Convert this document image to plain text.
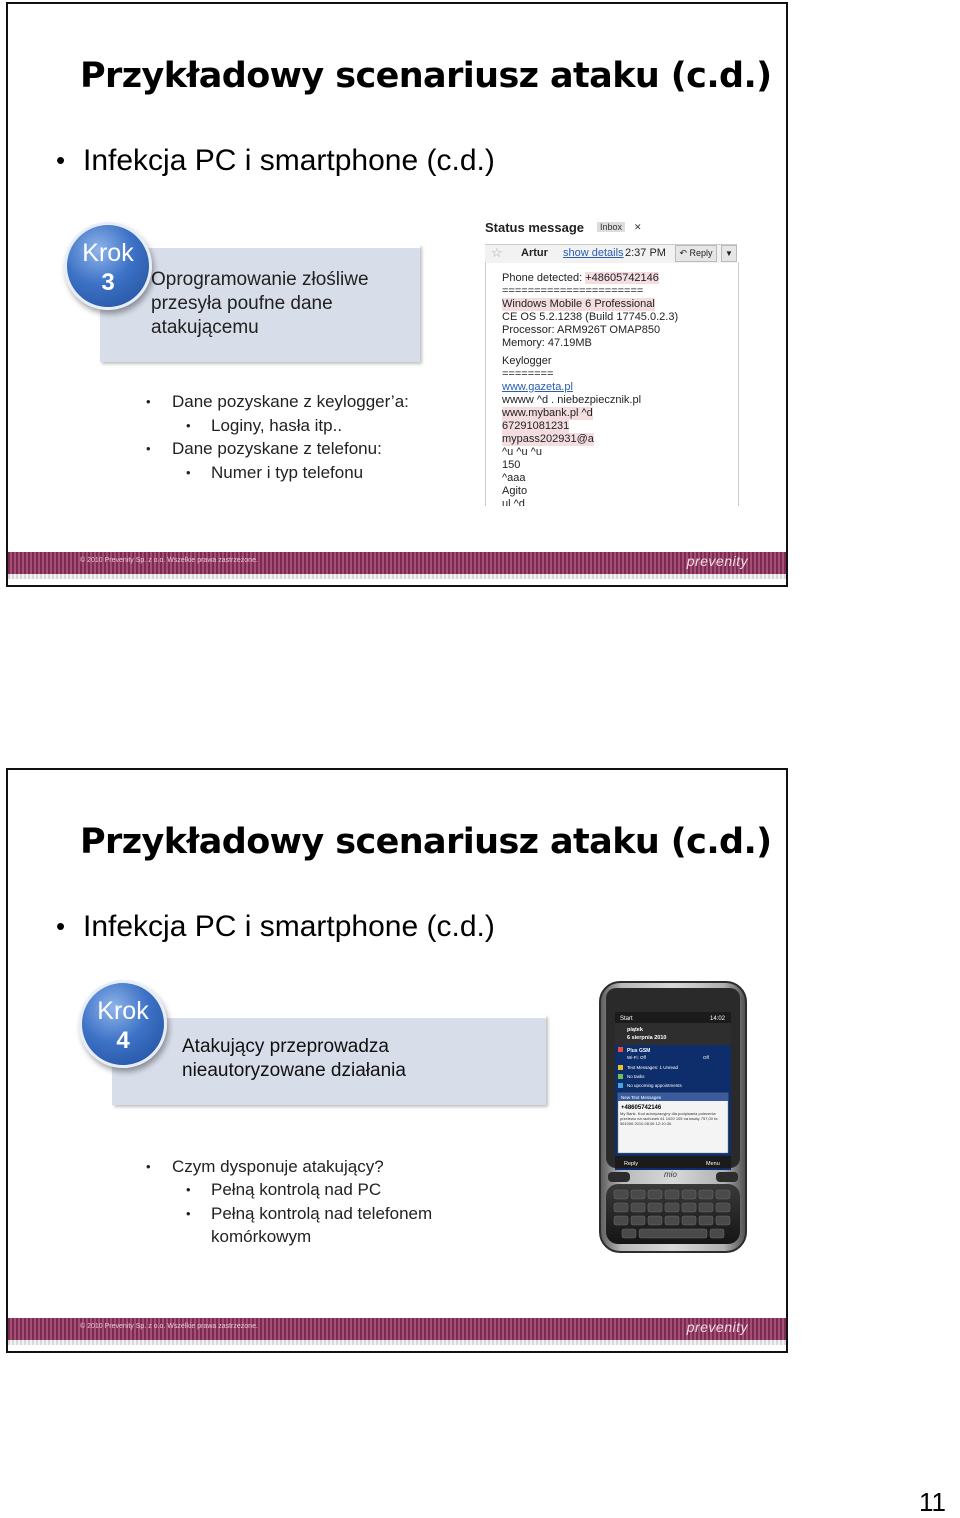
Przykładowy scenariusz ataku (c.d.)
• Infekcja PC i smartphone (c.d.)
Oprogramowanie złośliwe
przesyła poufne dane
atakującemu
Krok
3
• Dane pozyskane z keylogger’a:
• Loginy, hasła itp..
• Dane pozyskane z telefonu:
• Numer i typ telefonu
Status message	Inbox	✕
☆ Artur show details 2:37 PM	↶ Reply	▼
Phone detected: +48605742146
======================
Windows Mobile 6 Professional
CE OS 5.2.1238 (Build 17745.0.2.3)
Processor: ARM926T OMAP850
Memory: 47.19MB
Keylogger
========
www.gazeta.pl
wwww ^d . niebezpiecznik.pl
www.mybank.pl ^d
67291081231
mypass202931@a
^u ^u ^u
150
^aaa
Agito
ul ^d
© 2010 Prevenity Sp. z o.o. Wszelkie prawa zastrzeżone.	prevenity
Przykładowy scenariusz ataku (c.d.)
• Infekcja PC i smartphone (c.d.)
Atakujący przeprowadza
nieautoryzowane działania
Krok
4
• Czym dysponuje atakujący?
• Pełną kontrolą nad PC
• Pełną kontrolą nad telefonem
komórkowym
Start	14:02
piątek
6 sierpnia 2010
Plus GSM
Wi-Fi: Off	Off
Text Messages: 1 Unread
No tasks
No upcoming appointments
New Text Messages
+48605742146
My Bank. Kod autoryzacyjny dla podpisania polecenia przelewu na rachunek 61 1020 105 na kwotę 757,00 to: 561006 2010.08.06 12:10:30.
Reply	Menu
mio
© 2010 Prevenity Sp. z o.o. Wszelkie prawa zastrzeżone.	prevenity
11
